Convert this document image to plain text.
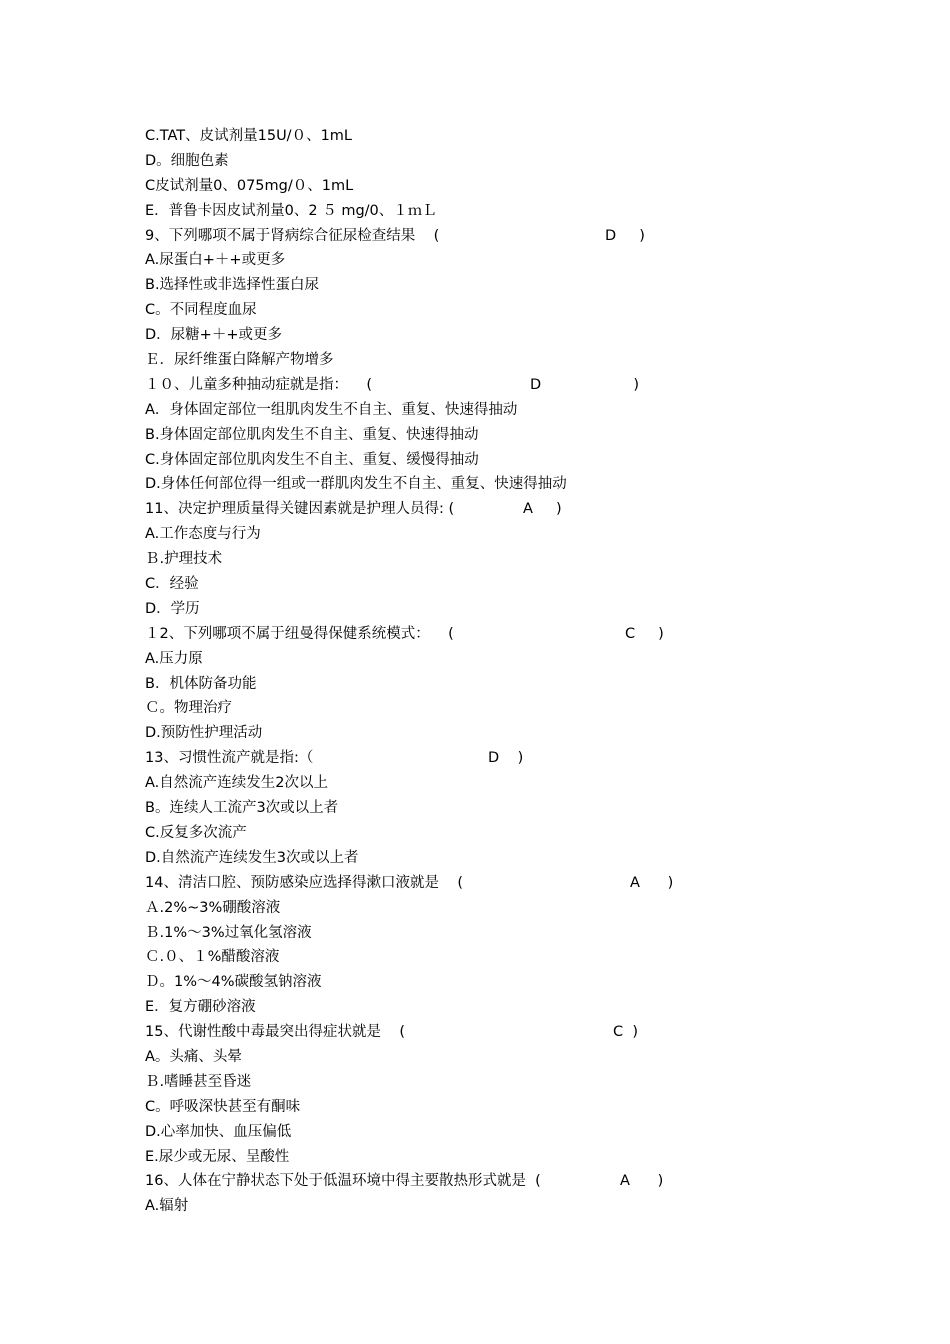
C.TAT、皮试剂量15U/０、1mL
D。细胞色素
C皮试剂量0、075mg/０、1mL
E．普鲁卡因皮试剂量0、2 ５ mg/0、１ｍＬ
9、下列哪项不属于肾病综合征尿检查结果    (	D     )
A.尿蛋白+＋+或更多
B.选择性或非选择性蛋白尿
C。不同程度血尿
D．尿糖+＋+或更多
Ｅ．尿纤维蛋白降解产物增多
１０、儿童多种抽动症就是指：    (	D                    )
A．身体固定部位一组肌肉发生不自主、重复、快速得抽动
B.身体固定部位肌肉发生不自主、重复、快速得抽动
C.身体固定部位肌肉发生不自主、重复、缓慢得抽动
D.身体任何部位得一组或一群肌肉发生不自主、重复、快速得抽动
11、决定护理质量得关键因素就是护理人员得: (	A     )
A.工作态度与行为
Ｂ.护理技术
C．经验
D．学历
１2、下列哪项不属于纽曼得保健系统模式：    (	C     )
A.压力原
B．机体防备功能
Ｃ。物理治疗
D.预防性护理活动
13、习惯性流产就是指:（	D    )
A.自然流产连续发生2次以上
B。连续人工流产3次或以上者
C.反复多次流产
D.自然流产连续发生3次或以上者
14、清洁口腔、预防感染应选择得漱口液就是    (	A      )
Ａ.2%~3%硼酸溶液
Ｂ.1%～3%过氧化氢溶液
Ｃ.０、１%醋酸溶液
Ｄ。1%～4%碳酸氢钠溶液
E．复方硼砂溶液
15、代谢性酸中毒最突出得症状就是    (	C  )
A。头痛、头晕
Ｂ.嗜睡甚至昏迷
C。呼吸深快甚至有酮味
D.心率加快、血压偏低
E.尿少或无尿、呈酸性
16、人体在宁静状态下处于低温环境中得主要散热形式就是  (	A      )
A.辐射
